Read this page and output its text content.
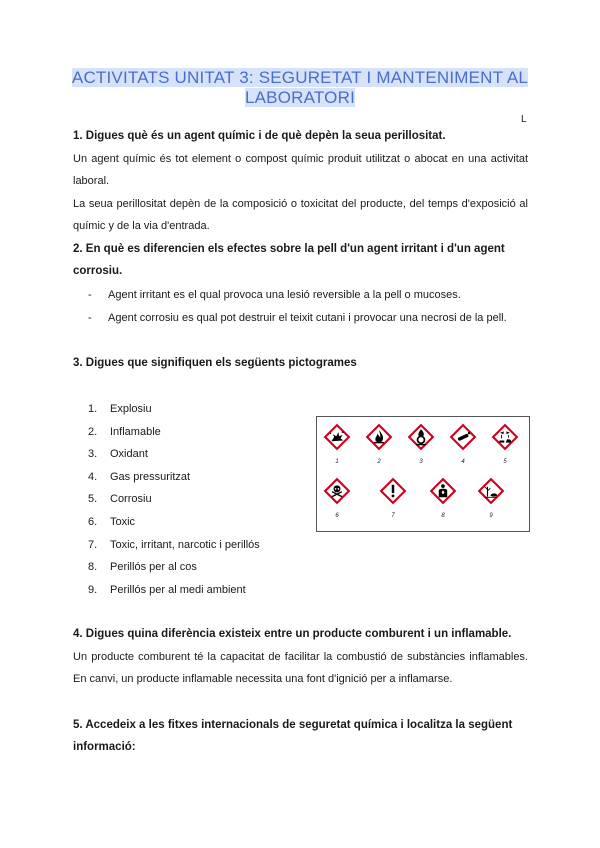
ACTIVITATS UNITAT 3: SEGURETAT I MANTENIMENT AL
LABORATORI
L
1. Digues què és un agent químic i de què depèn la seua perillositat.
Un agent químic és tot element o compost químic produit utilitzat o abocat en una activitat laboral.
La seua perillositat depèn de la composició o toxicitat del producte, del temps d'exposició al químic y de la via d'entrada.
2. En què es diferencien els efectes sobre la pell d'un agent irritant i d'un agent corrosiu.
-	Agent irritant es el qual provoca una lesió reversible a la pell o mucoses.
-	Agent corrosiu es qual pot destruir el teixit cutani i provocar una necrosi de la pell.
3. Digues que signifiquen els següents pictogrames
1. Explosiu
2. Inflamable
3. Oxidant
4. Gas pressuritzat
5. Corrosiu
6. Toxic
7. Toxic, irritant, narcotic i perillós
8. Perillós per al cos
9. Perillós per al medi ambient
1	2	3	4	5
6	7	8	9
4. Digues quina diferència existeix entre un producte comburent i un inflamable.
Un producte comburent té la capacitat de facilitar la combustió de substàncies inflamables. En canvi, un producte inflamable necessita una font d'ignició per a inflamarse.
5. Accedeix a les fitxes internacionals de seguretat química i localitza la següent informació:
